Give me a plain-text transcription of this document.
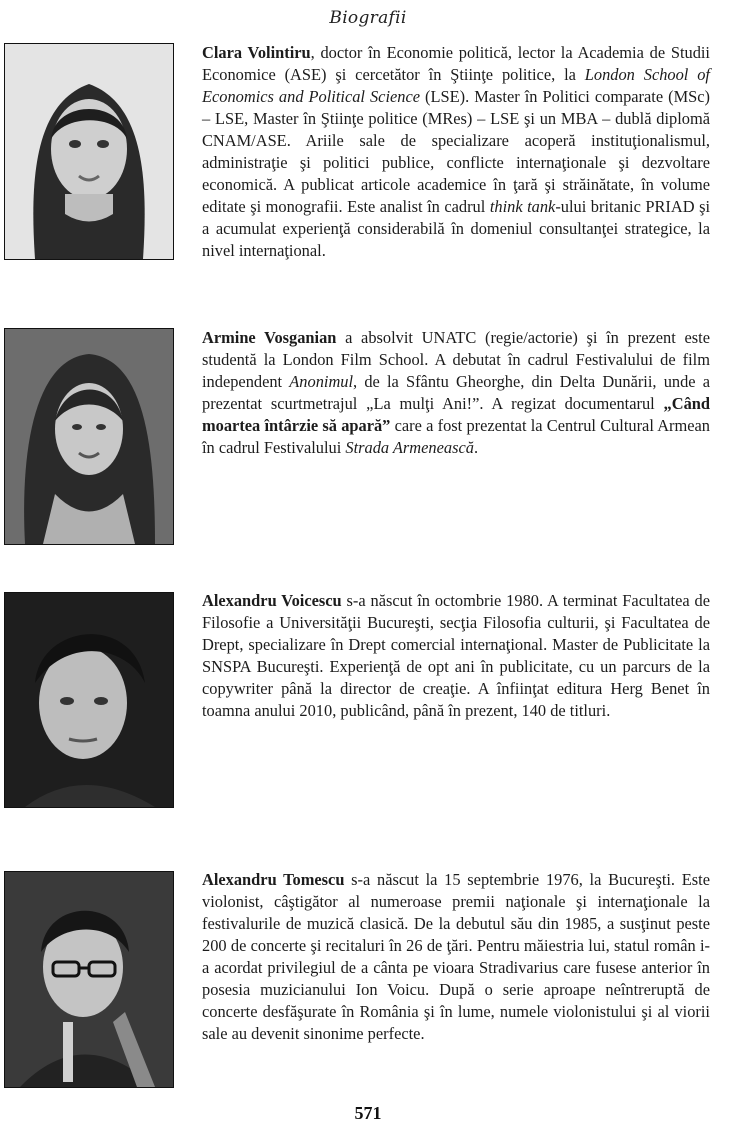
Biografii

Clara Volintiru, doctor în Economie politică, lector la Academia de Studii Economice (ASE) şi cercetător în Ştiinţe politice, la London School of Economics and Political Science (LSE). Master în Politici comparate (MSc) – LSE, Master în Ştiinţe politice (MRes) – LSE şi un MBA – dublă diplomă CNAM/ASE. Ariile sale de specializare acoperă instituţionalismul, administraţie şi politici publice, conflicte internaţionale şi dezvoltare economică. A publicat articole academice în ţară şi străinătate, în volume editate şi monografii. Este analist în cadrul think tank-ului britanic PRIAD şi a acumulat experienţă considerabilă în domeniul consultanţei strategice, la nivel internaţional.

Armine Vosganian a absolvit UNATC (regie/actorie) şi în prezent este studentă la London Film School. A debutat în cadrul Festivalului de film independent Anonimul, de la Sfântu Gheorghe, din Delta Dunării, unde a prezentat scurtmetrajul „La mulţi Ani!”. A regizat documentarul „Când moartea întârzie să apară” care a fost prezentat la Centrul Cultural Armean în cadrul Festivalului Strada Armenească.

Alexandru Voicescu s-a născut în octombrie 1980. A terminat Facultatea de Filosofie a Universităţii Bucureşti, secţia Filosofia culturii, şi Facultatea de Drept, specializare în Drept comercial internaţional. Master de Publicitate la SNSPA Bucureşti. Experienţă de opt ani în publicitate, cu un parcurs de la copywriter până la director de creaţie. A înfiinţat editura Herg Benet în toamna anului 2010, publicând, până în prezent, 140 de titluri.

Alexandru Tomescu s-a născut la 15 septembrie 1976, la Bucureşti. Este violonist, câştigător al numeroase premii naţionale şi internaţionale la festivalurile de muzică clasică. De la debutul său din 1985, a susţinut peste 200 de concerte şi recitaluri în 26 de ţări. Pentru măiestria lui, statul român i-a acordat privilegiul de a cânta pe vioara Stradivarius care fusese anterior în posesia muzicianului Ion Voicu. După o serie aproape neîntreruptă de concerte desfăşurate în România şi în lume, numele violonistului şi al viorii sale au devenit sinonime perfecte.

571
